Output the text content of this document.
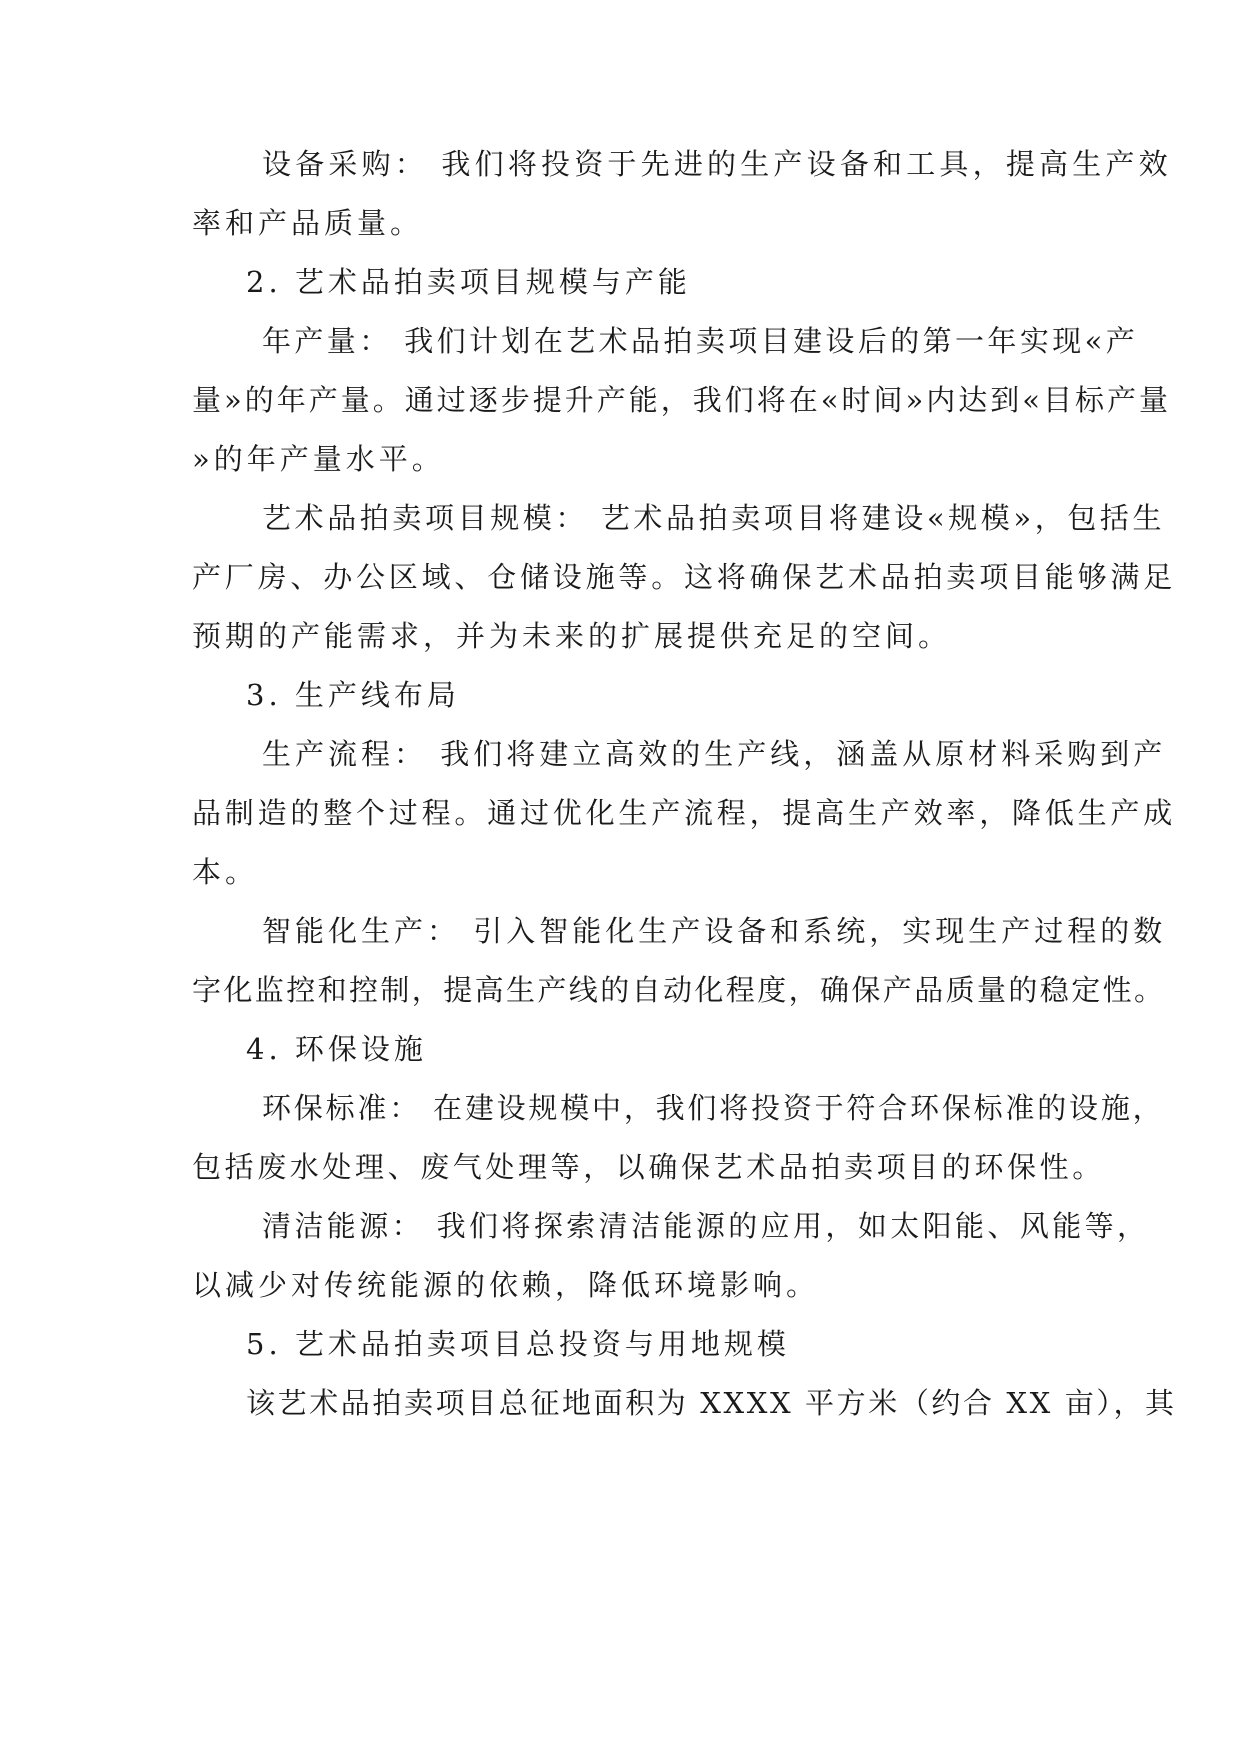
设备采购： 我们将投资于先进的生产设备和工具，提高生产效

率和产品质量。

2. 艺术品拍卖项目规模与产能

年产量： 我们计划在艺术品拍卖项目建设后的第一年实现«产

量»的年产量。通过逐步提升产能，我们将在«时间»内达到«目标产量

»的年产量水平。

艺术品拍卖项目规模： 艺术品拍卖项目将建设«规模»，包括生

产厂房、办公区域、仓储设施等。这将确保艺术品拍卖项目能够满足

预期的产能需求，并为未来的扩展提供充足的空间。

3. 生产线布局

生产流程： 我们将建立高效的生产线，涵盖从原材料采购到产

品制造的整个过程。通过优化生产流程，提高生产效率，降低生产成

本。

智能化生产： 引入智能化生产设备和系统，实现生产过程的数

字化监控和控制，提高生产线的自动化程度，确保产品质量的稳定性。

4. 环保设施

环保标准： 在建设规模中，我们将投资于符合环保标准的设施，

包括废水处理、废气处理等，以确保艺术品拍卖项目的环保性。

清洁能源： 我们将探索清洁能源的应用，如太阳能、风能等，

以减少对传统能源的依赖，降低环境影响。

5. 艺术品拍卖项目总投资与用地规模

该艺术品拍卖项目总征地面积为 XXXX 平方米（约合 XX 亩），其
